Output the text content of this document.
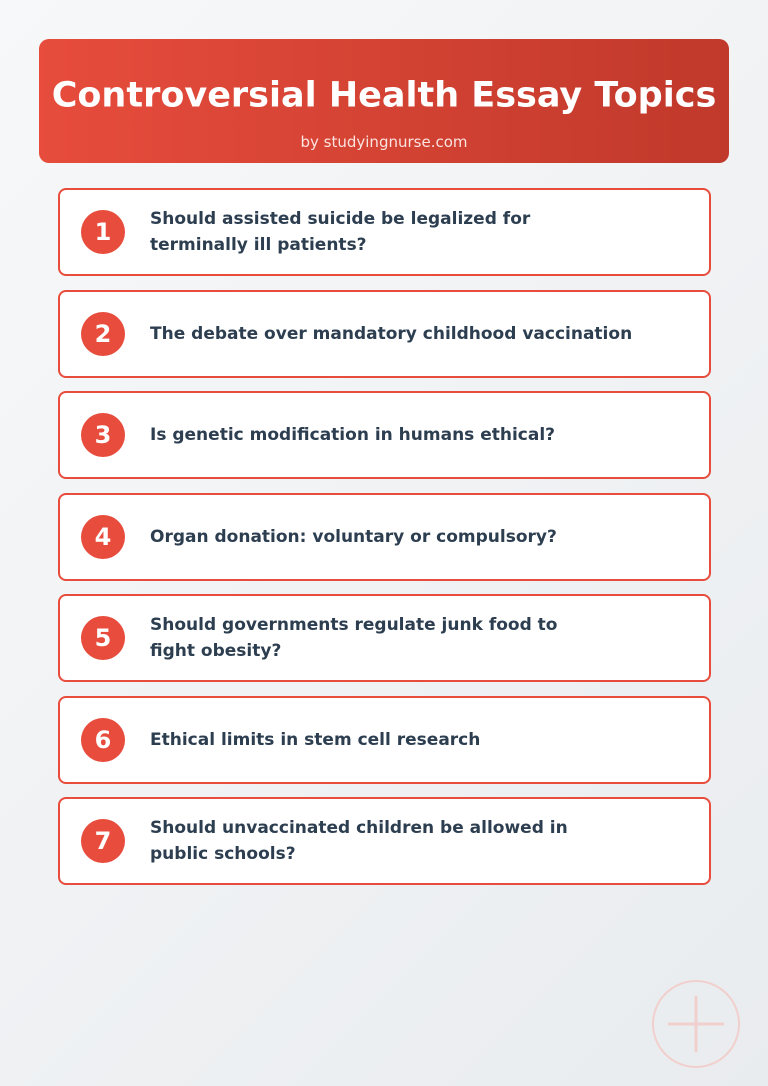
Controversial Health Essay Topics
by studyingnurse.com
1	Should assisted suicide be legalized for terminally ill patients?
2	The debate over mandatory childhood vaccination
3	Is genetic modification in humans ethical?
4	Organ donation: voluntary or compulsory?
5	Should governments regulate junk food to fight obesity?
6	Ethical limits in stem cell research
7	Should unvaccinated children be allowed in public schools?
